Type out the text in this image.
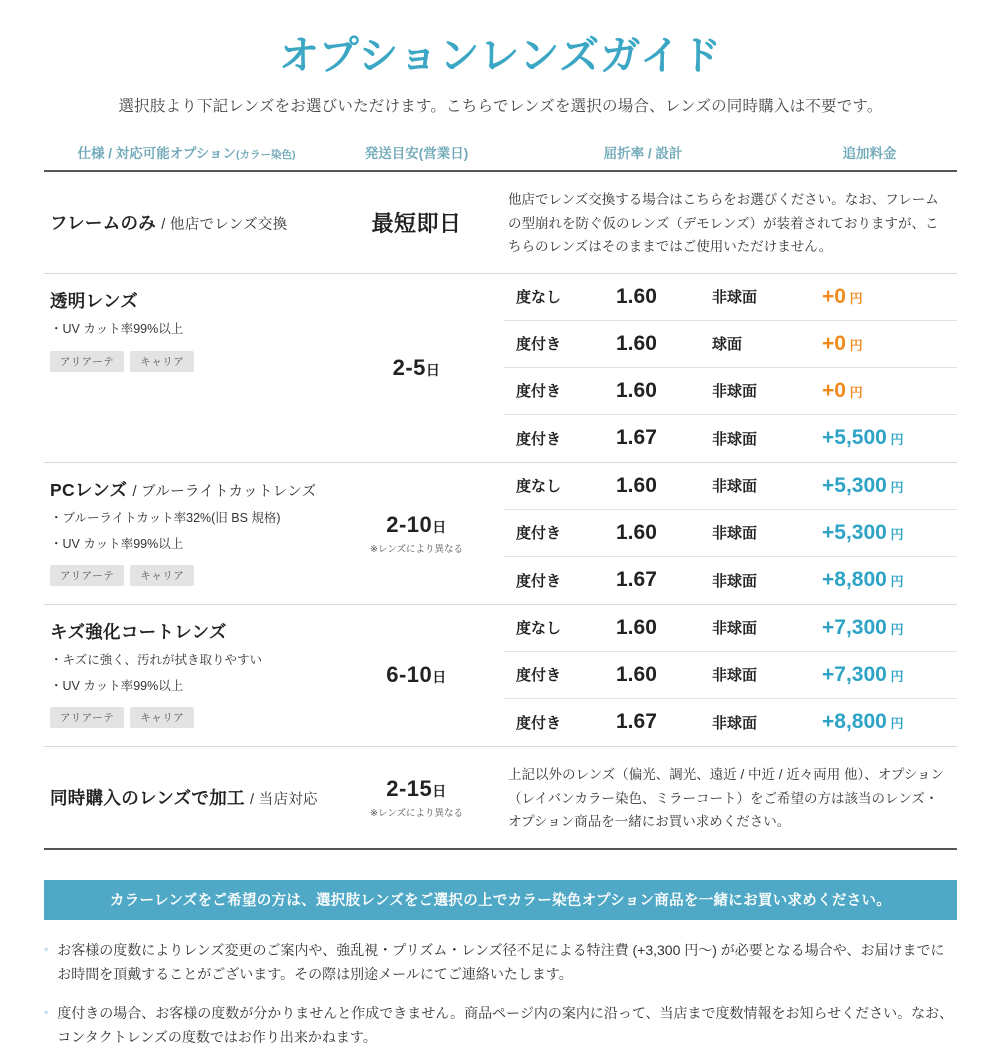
オプションレンズガイド
選択肢より下記レンズをお選びいただけます。こちらでレンズを選択の場合、レンズの同時購入は不要です。
仕様 / 対応可能オプション(カラー染色)	発送目安(営業日)	屈折率 / 設計	追加料金
フレームのみ / 他店でレンズ交換	最短即日
他店でレンズ交換する場合はこちらをお選びください。なお、フレームの型崩れを防ぐ仮のレンズ（デモレンズ）が装着されておりますが、こちらのレンズはそのままではご使用いただけません。
透明レンズ
・UV カット率99%以上
アリアーテ	キャリア	2-5日
度なし	1.60	非球面	+0 円
度付き	1.60	球面	+0 円
度付き	1.60	非球面	+0 円
度付き	1.67	非球面	+5,500 円
PCレンズ / ブルーライトカットレンズ
・ブルーライトカット率32%(旧 BS 規格)
・UV カット率99%以上
アリアーテ	キャリア
2-10日
※レンズにより異なる
度なし	1.60	非球面	+5,300 円
度付き	1.60	非球面	+5,300 円
度付き	1.67	非球面	+8,800 円
キズ強化コートレンズ
・キズに強く、汚れが拭き取りやすい
・UV カット率99%以上
アリアーテ	キャリア
6-10日
度なし	1.60	非球面	+7,300 円
度付き	1.60	非球面	+7,300 円
度付き	1.67	非球面	+8,800 円
同時購入のレンズで加工 / 当店対応	2-15日
※レンズにより異なる
上記以外のレンズ（偏光、調光、遠近 / 中近 / 近々両用 他）、オプション（レイバンカラー染色、ミラーコート）をご希望の方は該当のレンズ・オプション商品を一緒にお買い求めください。
カラーレンズをご希望の方は、選択肢レンズをご選択の上でカラー染色オプション商品を一緒にお買い求めください。
◦ お客様の度数によりレンズ変更のご案内や、強乱視・プリズム・レンズ径不足による特注費 (+3,300 円〜) が必要となる場合や、お届けまでにお時間を頂戴することがございます。その際は別途メールにてご連絡いたします。
◦ 度付きの場合、お客様の度数が分かりませんと作成できません。商品ページ内の案内に沿って、当店まで度数情報をお知らせください。なお、コンタクトレンズの度数ではお作り出来かねます。
